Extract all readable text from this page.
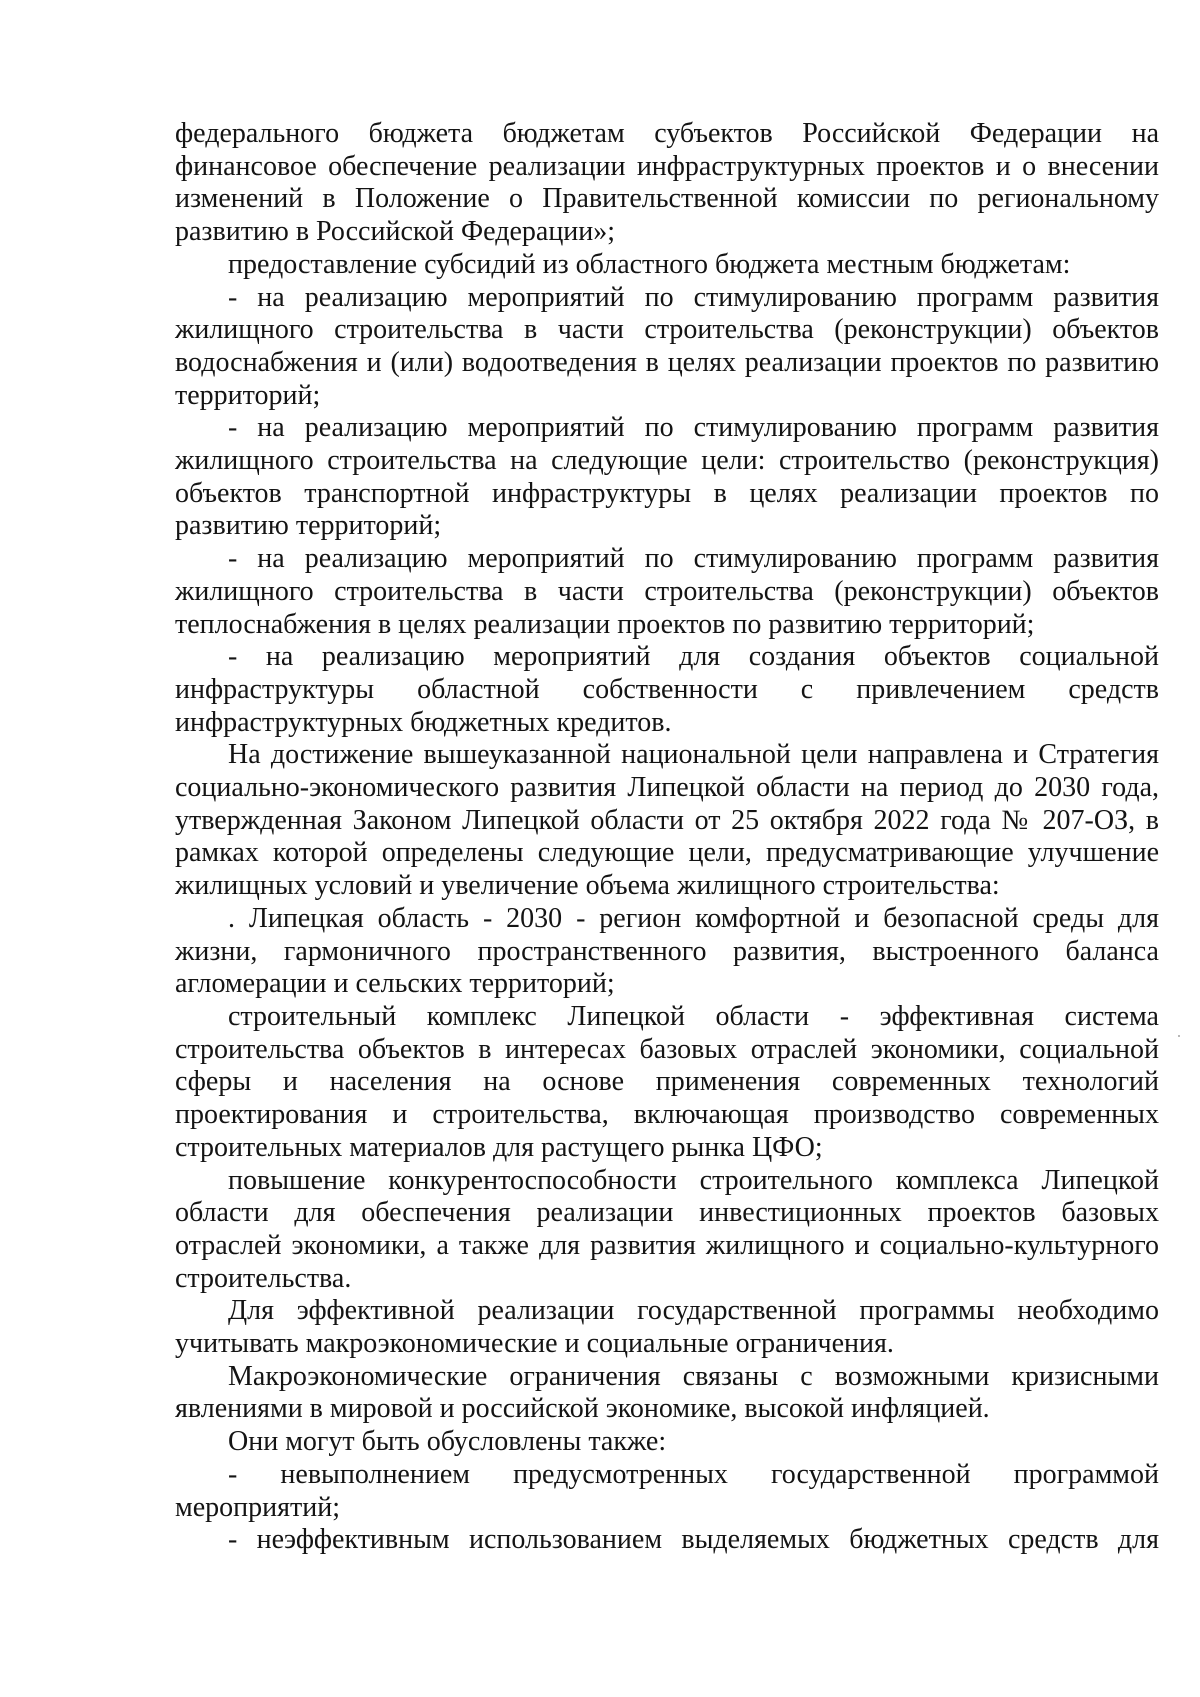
федерального бюджета бюджетам субъектов Российской Федерации на финансовое обеспечение реализации инфраструктурных проектов и о внесении изменений в Положение о Правительственной комиссии по региональному развитию в Российской Федерации»;

предоставление субсидий из областного бюджета местным бюджетам:

- на реализацию мероприятий по стимулированию программ развития жилищного строительства в части строительства (реконструкции) объектов водоснабжения и (или) водоотведения в целях реализации проектов по развитию территорий;

- на реализацию мероприятий по стимулированию программ развития жилищного строительства на следующие цели: строительство (реконструкция) объектов транспортной инфраструктуры в целях реализации проектов по развитию территорий;

- на реализацию мероприятий по стимулированию программ развития жилищного строительства в части строительства (реконструкции) объектов теплоснабжения в целях реализации проектов по развитию территорий;

- на реализацию мероприятий для создания объектов социальной инфраструктуры областной собственности с привлечением средств инфраструктурных бюджетных кредитов.

На достижение вышеуказанной национальной цели направлена и Стратегия социально-экономического развития Липецкой области на период до 2030 года, утвержденная Законом Липецкой области от 25 октября 2022 года № 207-ОЗ, в рамках которой определены следующие цели, предусматривающие улучшение жилищных условий и увеличение объема жилищного строительства:

. Липецкая область - 2030 - регион комфортной и безопасной среды для жизни, гармоничного пространственного развития, выстроенного баланса агломерации и сельских территорий;

строительный комплекс Липецкой области - эффективная система строительства объектов в интересах базовых отраслей экономики, социальной сферы и населения на основе применения современных технологий проектирования и строительства, включающая производство современных строительных материалов для растущего рынка ЦФО;

повышение конкурентоспособности строительного комплекса Липецкой области для обеспечения реализации инвестиционных проектов базовых отраслей экономики, а также для развития жилищного и социально-культурного строительства.

Для эффективной реализации государственной программы необходимо учитывать макроэкономические и социальные ограничения.

Макроэкономические ограничения связаны с возможными кризисными явлениями в мировой и российской экономике, высокой инфляцией.

Они могут быть обусловлены также:

- невыполнением предусмотренных государственной программой мероприятий;

- неэффективным использованием выделяемых бюджетных средств для
